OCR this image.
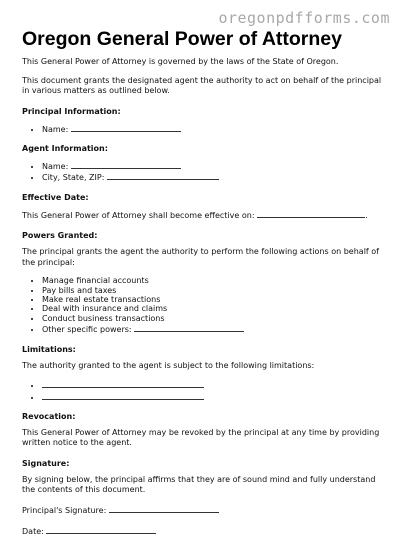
oregonpdfforms.com
Oregon General Power of Attorney

This General Power of Attorney is governed by the laws of the State of Oregon.

This document grants the designated agent the authority to act on behalf of the principal in various matters as outlined below.

Principal Information:
• Name:
Agent Information:
• Name:
• City, State, ZIP:
Effective Date:

This General Power of Attorney shall become effective on:	.

Powers Granted:

The principal grants the agent the authority to perform the following actions on behalf of the principal:

• Manage financial accounts
• Pay bills and taxes
• Make real estate transactions
• Deal with insurance and claims
• Conduct business transactions
• Other specific powers:
Limitations:

The authority granted to the agent is subject to the following limitations:

•
•
Revocation:

This General Power of Attorney may be revoked by the principal at any time by providing written notice to the agent.

Signature:

By signing below, the principal affirms that they are of sound mind and fully understand the contents of this document.

Principal's Signature:

Date:
